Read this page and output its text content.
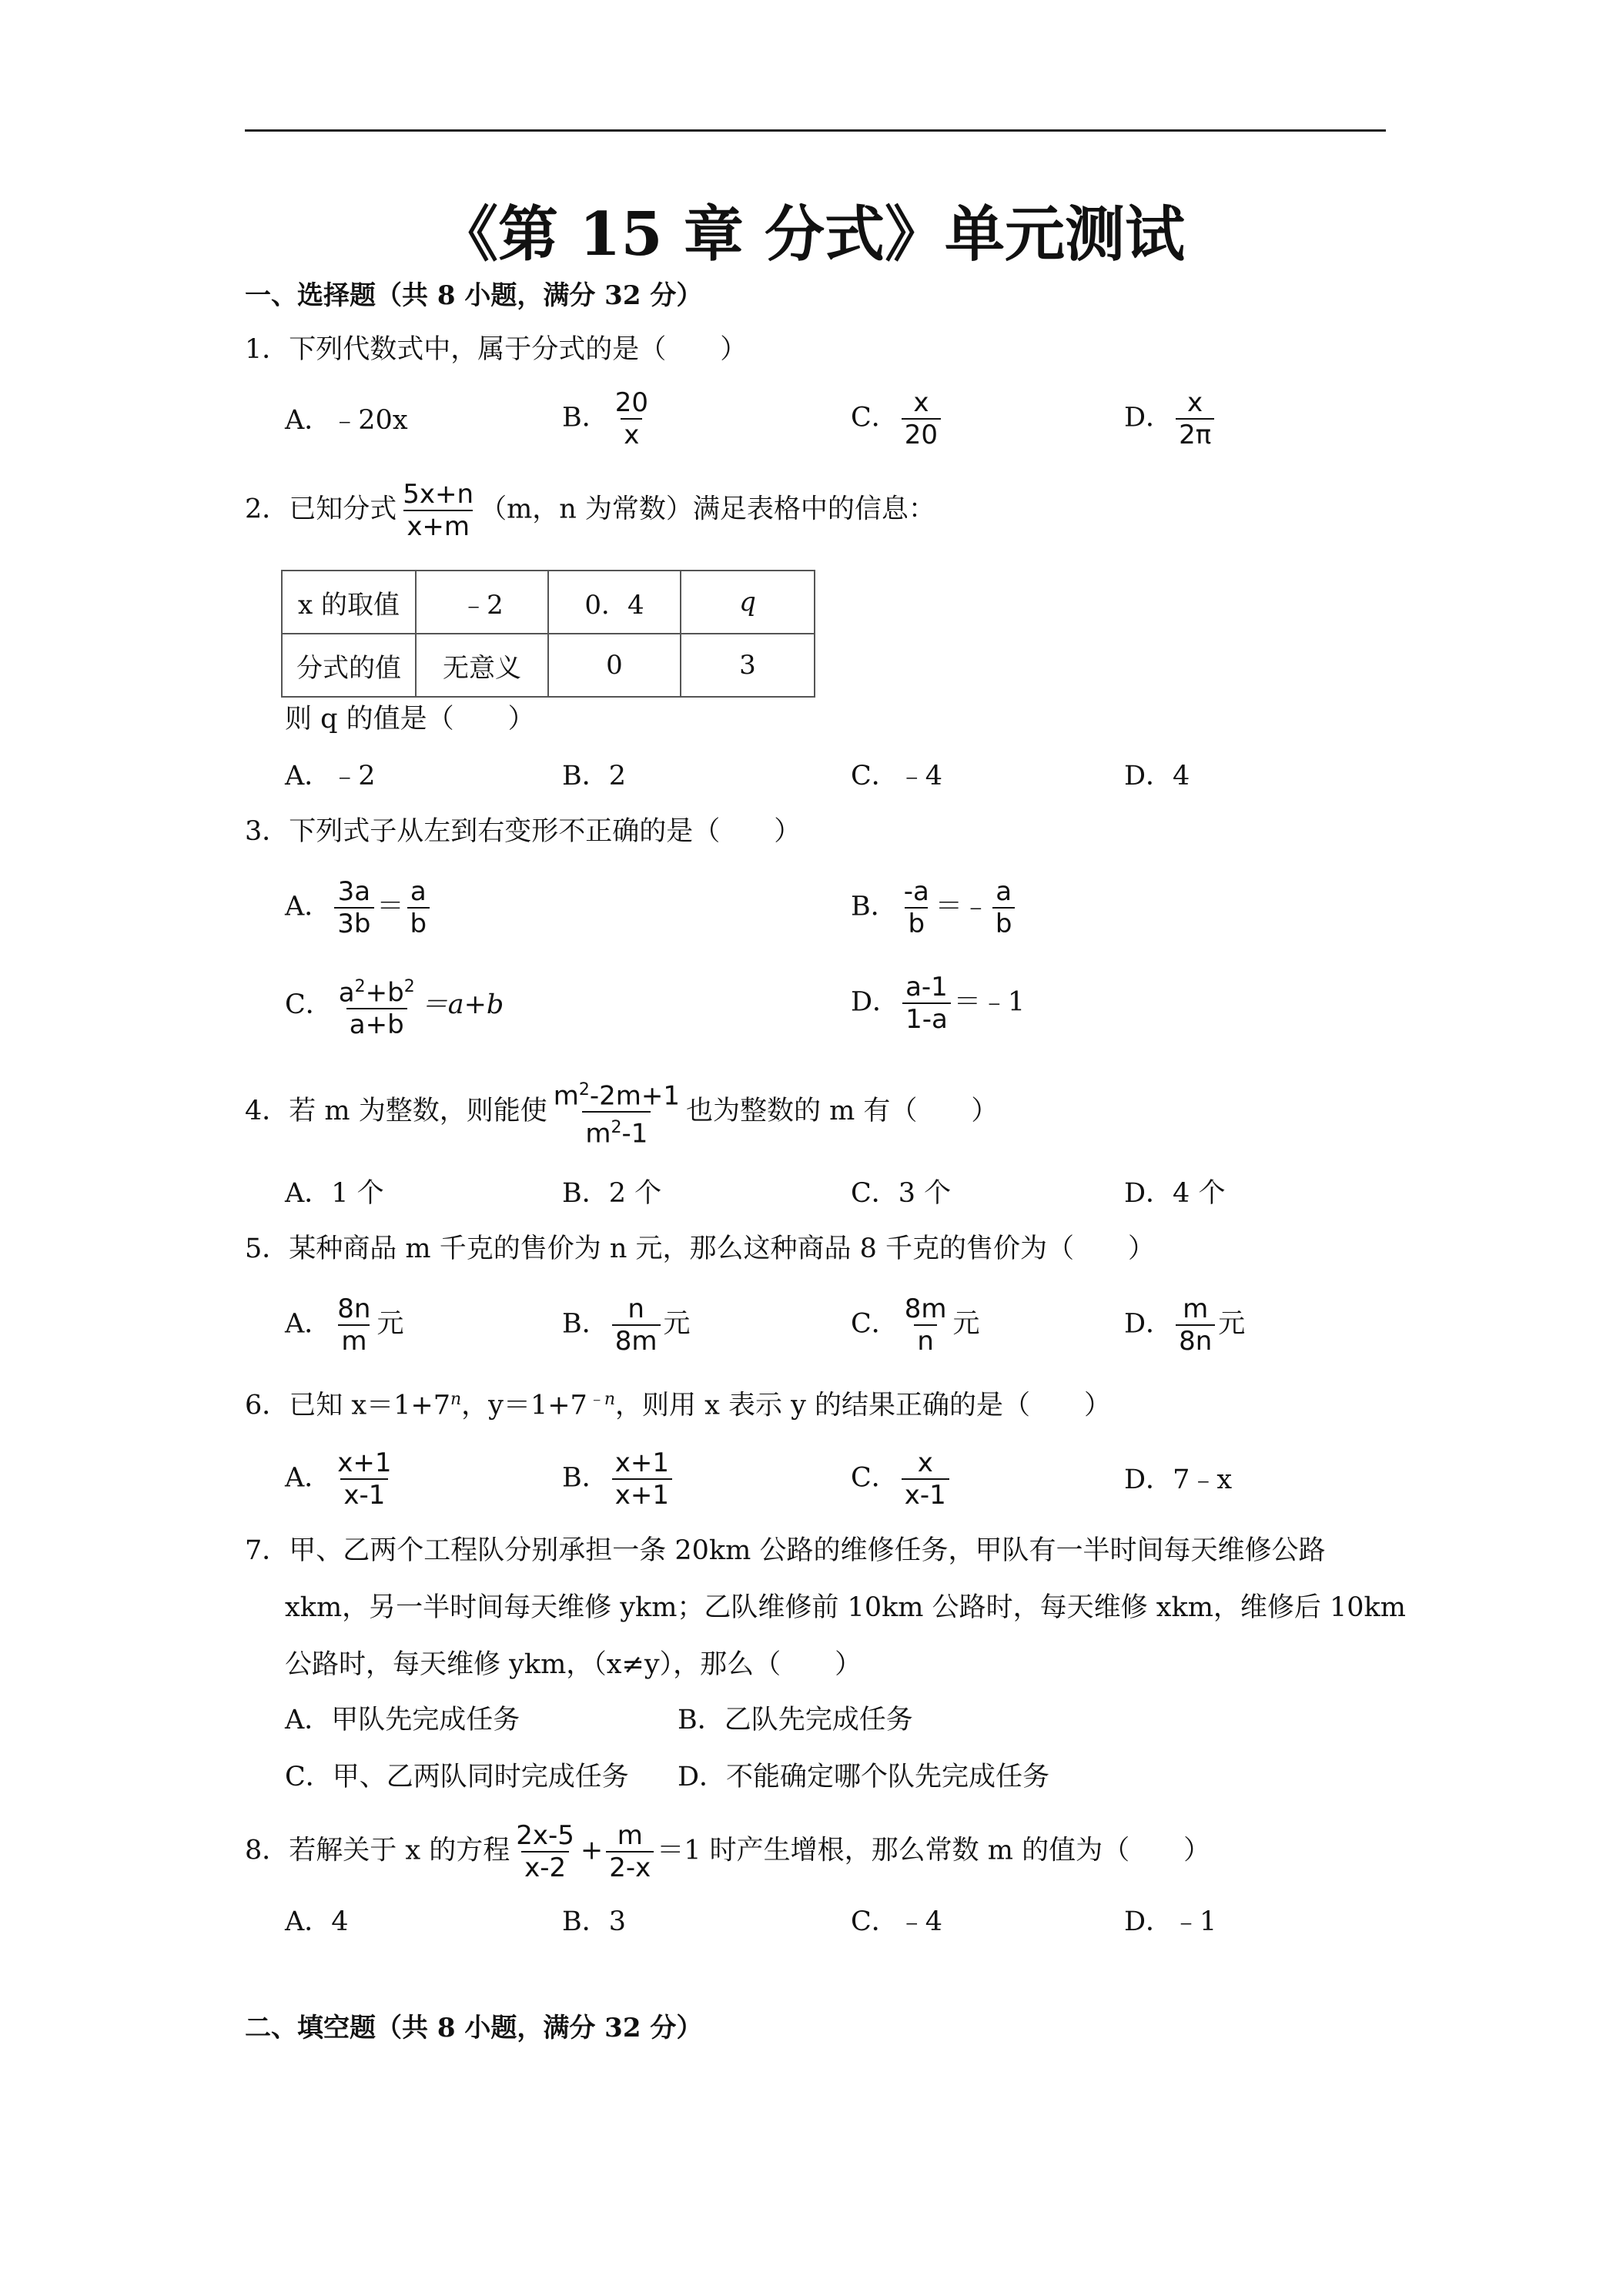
《第 15 章 分式》单元测试
一、选择题（共 8 小题，满分 32 分）
1．下列代数式中，属于分式的是（　　）
A．﹣20x	B． $\frac{20}{x}$	C． $\frac{x}{20}$	D． $\frac{x}{2\pi}$
2．已知分式 $\frac{5x+n}{x+m} (m$，n 为常数）满足表格中的信息：
x 的取值	﹣2	0．4	q
分式的值	无意义	0	3
则 q 的值是（　　）
A．﹣2	B．2	C．﹣4	D．4
3．下列式子从左到右变形不正确的是（　　）
A． $\frac{3a}{3b} = \frac{a}{b}$	B． $\frac{-a}{b}$ ＝﹣ $\frac{a}{b}$
C． $\frac{a^2+b^2}{a+b} =a+b$	D． $\frac{a-1}{1-a}$ ＝﹣1
4．若 m 为整数，则能使 $\frac{m^2-2m+1}{m^2-1}$ 也为整数的 m 有（　　）
A．1 个	B．2 个	C．3 个	D．4 个
5．某种商品 m 千克的售价为 n 元，那么这种商品 8 千克的售价为（　　）
A． $\frac{8n}{m}$ 元	B． $\frac{n}{8m}$ 元	C． $\frac{8m}{n}$ 元	D． $\frac{m}{8n}$ 元
6．已知 $x=1+7^n$，$y=1+7^{﹣n}$，则用 x 表示 y 的结果正确的是（　　）
A． $\frac{x+1}{x-1}$	B． $\frac{x+1}{x+1}$	C． $\frac{x}{x-1}$	D．7﹣x
7．甲、乙两个工程队分别承担一条 20km 公路的维修任务，甲队有一半时间每天维修公路
xkm，另一半时间每天维修 ykm；乙队维修前 10km 公路时，每天维修 xkm，维修后 10km
公路时，每天维修 ykm，（x≠y），那么（　　）
A．甲队先完成任务	B．乙队先完成任务
C．甲、乙两队同时完成任务 D．不能确定哪个队先完成任务
8．若解关于 x 的方程 $\frac{2x-5}{x-2} + \frac{m}{2-x} =1$ 时产生增根，那么常数 m 的值为（　　）
A．4	B．3	C．﹣4	D．﹣1
二、填空题（共 8 小题，满分 32 分）
